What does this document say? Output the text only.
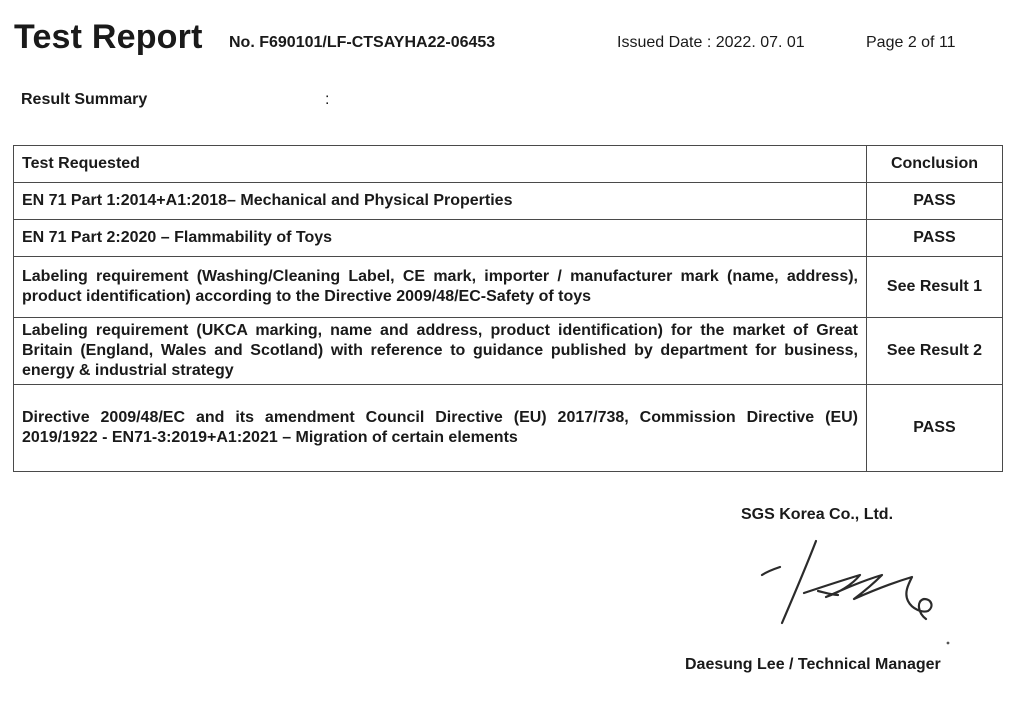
Test Report No. F690101/LF-CTSAYHA22-06453	Issued Date : 2022. 07. 01	Page 2 of 11
Result Summary	:
Test Requested	Conclusion
EN 71 Part 1:2014+A1:2018– Mechanical and Physical Properties	PASS
EN 71 Part 2:2020 – Flammability of Toys	PASS
Labeling requirement (Washing/Cleaning Label, CE mark, importer / manufacturer mark (name, address), product identification) according to the Directive 2009/48/EC-Safety of toys	See Result 1
Labeling requirement (UKCA marking, name and address, product identification) for the market of Great Britain (England, Wales and Scotland) with reference to guidance published by department for business, energy & industrial strategy	See Result 2
Directive 2009/48/EC and its amendment Council Directive (EU) 2017/738, Commission Directive (EU) 2019/1922 - EN71-3:2019+A1:2021 – Migration of certain elements	PASS
SGS Korea Co., Ltd.
Daesung Lee / Technical Manager
